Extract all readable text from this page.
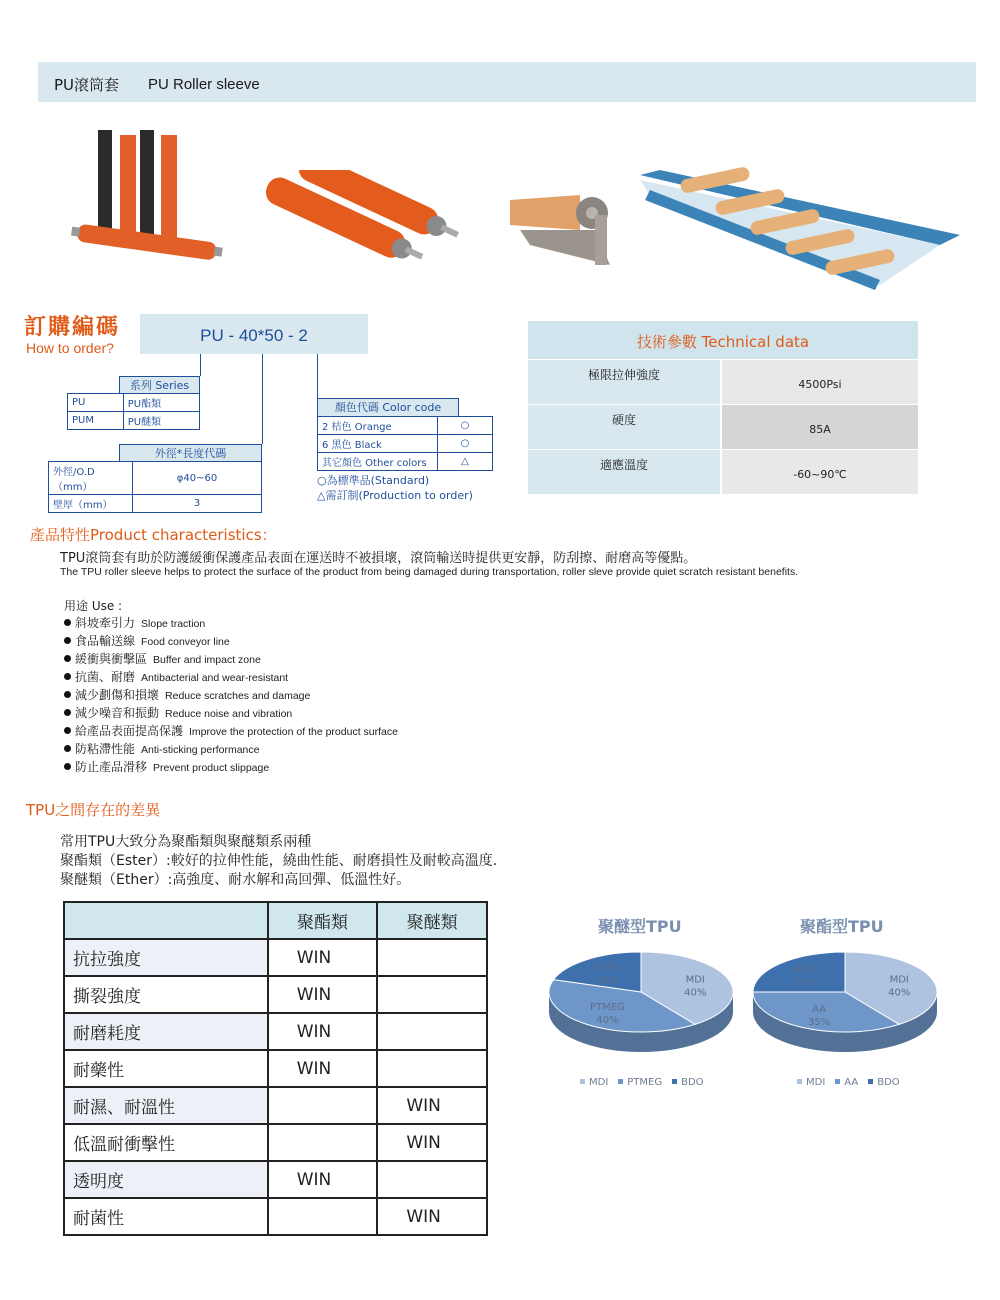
PU滾筒套 PU Roller sleeve
訂購編碼
How to order?
PU - 40*50 - 2
系列 Series
PU	PU酯類
PUM	PU醚類
外徑*長度代碼
外徑/O.D（mm）	φ40~60
壁厚（mm）	3
顏色代碼 Color code
2 桔色 Orange	○
6 黑色 Black	○
其它顏色 Other colors	△
○為標準品(Standard)
△需訂制(Production to order)
技術參數 Technical data
極限拉伸強度
4500Psi
硬度
85A
適應溫度
-60~90℃
產品特性Product characteristics：
TPU滾筒套有助於防護緩衝保護產品表面在運送時不被損壞，滾筒輸送時提供更安靜，防刮擦、耐磨高等優點。
The TPU roller sleeve helps to protect the surface of the product from being damaged during transportation, roller sleve provide quiet scratch resistant benefits.
用途 Use :
斜坡牽引力 Slope traction
食品輸送線 Food conveyor line
緩衝與衝擊區 Buffer and impact zone
抗菌、耐磨 Antibacterial and wear-resistant
減少劃傷和損壞 Reduce scratches and damage
減少噪音和振動 Reduce noise and vibration
給產品表面提高保護 Improve the protection of the product surface
防粘滯性能 Anti-sticking performance
防止產品滑移 Prevent product slippage
TPU之間存在的差異
常用TPU大致分為聚酯類與聚醚類系兩種
聚酯類（Ester）:較好的拉伸性能，繞曲性能、耐磨損性及耐較高溫度.
聚醚類（Ether）:高強度、耐水解和高回彈、低溫性好。
	聚酯類	聚醚類
抗拉強度	WIN	
撕裂強度	WIN	
耐磨耗度	WIN	
耐藥性	WIN	
耐濕、耐溫性		WIN
低溫耐衝擊性		WIN
透明度	WIN	
耐菌性		WIN
聚醚型TPU
MDI
40%
PTMEG
40%
BDO
20%
MDI PTMEG BDO
聚酯型TPU
MDI
40%
AA
35%
BDO
25%
MDI AA BDO
